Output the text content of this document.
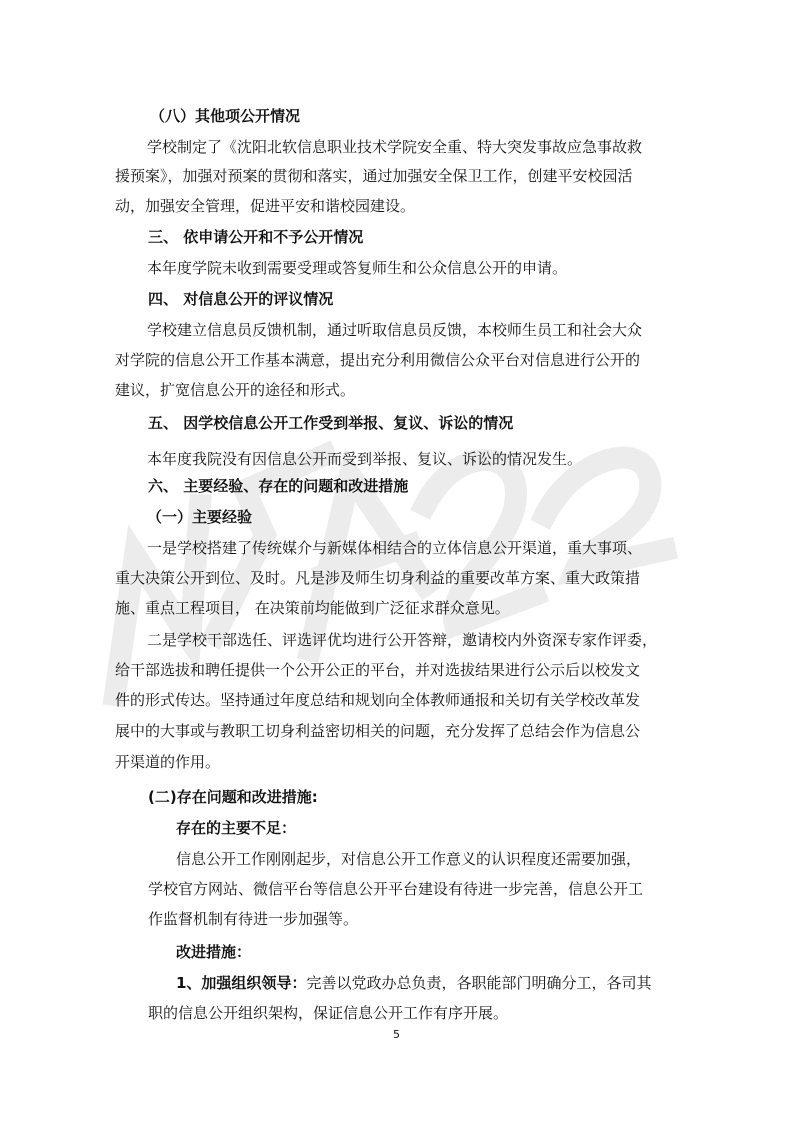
（八）其他项公开情况
学校制定了《沈阳北软信息职业技术学院安全重、特大突发事故应急事故救
援预案》，加强对预案的贯彻和落实，通过加强安全保卫工作，创建平安校园活
动，加强安全管理，促进平安和谐校园建设。
三、 依申请公开和不予公开情况
本年度学院未收到需要受理或答复师生和公众信息公开的申请。
四、 对信息公开的评议情况
学校建立信息员反馈机制，通过听取信息员反馈，本校师生员工和社会大众
对学院的信息公开工作基本满意，提出充分利用微信公众平台对信息进行公开的
建议，扩宽信息公开的途径和形式。
五、 因学校信息公开工作受到举报、复议、诉讼的情况
本年度我院没有因信息公开而受到举报、复议、诉讼的情况发生。
六、 主要经验、存在的问题和改进措施
（一）主要经验
一是学校搭建了传统媒介与新媒体相结合的立体信息公开渠道，重大事项、
重大决策公开到位、及时。凡是涉及师生切身利益的重要改革方案、重大政策措
施、重点工程项目， 在决策前均能做到广泛征求群众意见。
二是学校干部选任、评选评优均进行公开答辩，邀请校内外资深专家作评委，
给干部选拔和聘任提供一个公开公正的平台，并对选拔结果进行公示后以校发文
件的形式传达。坚持通过年度总结和规划向全体教师通报和关切有关学校改革发
展中的大事或与教职工切身利益密切相关的问题，充分发挥了总结会作为信息公
开渠道的作用。
(二)存在问题和改进措施:
存在的主要不足：
信息公开工作刚刚起步，对信息公开工作意义的认识程度还需要加强，
学校官方网站、微信平台等信息公开平台建设有待进一步完善，信息公开工
作监督机制有待进一步加强等。
改进措施：
1、加强组织领导：完善以党政办总负责，各职能部门明确分工，各司其
职的信息公开组织架构，保证信息公开工作有序开展。
5
